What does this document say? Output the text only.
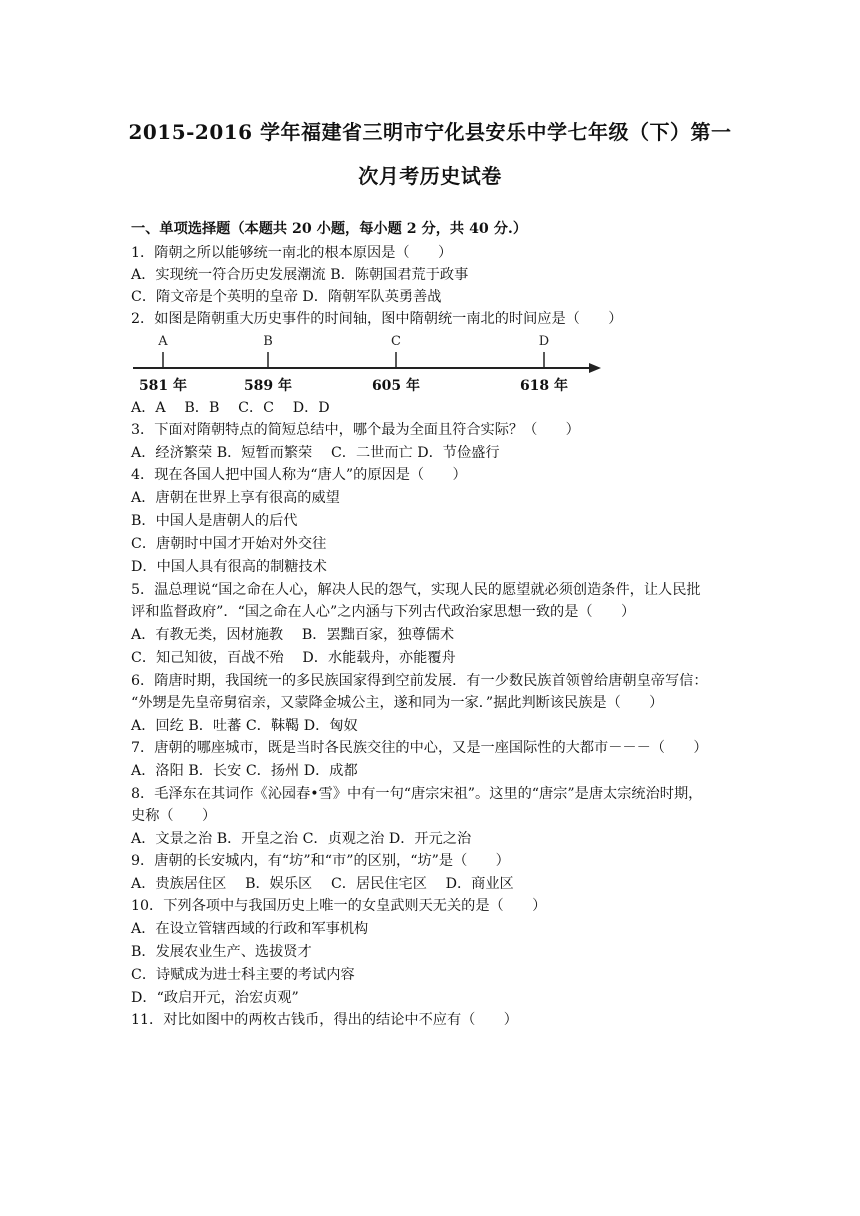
2015-2016 学年福建省三明市宁化县安乐中学七年级（下）第一
次月考历史试卷
一、单项选择题（本题共 20 小题，每小题 2 分，共 40 分.）
1．隋朝之所以能够统一南北的根本原因是（　　）
A．实现统一符合历史发展潮流 B．陈朝国君荒于政事
C．隋文帝是个英明的皇帝 D．隋朝军队英勇善战
2．如图是隋朝重大历史事件的时间轴，图中隋朝统一南北的时间应是（　　）
A
581 年
B
589 年
C
605 年
D
618 年
A．A　 B．B　 C．C　 D．D
3．下面对隋朝特点的简短总结中，哪个最为全面且符合实际？（　　）
A．经济繁荣 B．短暂而繁荣　 C．二世而亡 D．节俭盛行
4．现在各国人把中国人称为“唐人”的原因是（　　）
A．唐朝在世界上享有很高的威望
B．中国人是唐朝人的后代
C．唐朝时中国才开始对外交往
D．中国人具有很高的制糖技术
5．温总理说“国之命在人心，解决人民的怨气，实现人民的愿望就必须创造条件，让人民批
评和监督政府”．“国之命在人心”之内涵与下列古代政治家思想一致的是（　　）
A．有教无类，因材施教　 B．罢黜百家，独尊儒术
C．知己知彼，百战不殆　 D．水能载舟，亦能覆舟
6．隋唐时期，我国统一的多民族国家得到空前发展．有一少数民族首领曾给唐朝皇帝写信：
“外甥是先皇帝舅宿亲，又蒙降金城公主，遂和同为一家．”据此判断该民族是（　　）
A．回纥 B．吐蕃 C．靺鞨 D．匈奴
7．唐朝的哪座城市，既是当时各民族交往的中心，又是一座国际性的大都市－－－（　　）
A．洛阳 B．长安 C．扬州 D．成都
8．毛泽东在其词作《沁园春•雪》中有一句“唐宗宋祖”。这里的“唐宗”是唐太宗统治时期，
史称（　　）
A．文景之治 B．开皇之治 C．贞观之治 D．开元之治
9．唐朝的长安城内，有“坊”和“市”的区别，“坊”是（　　）
A．贵族居住区　 B．娱乐区　 C．居民住宅区　 D．商业区
10．下列各项中与我国历史上唯一的女皇武则天无关的是（　　）
A．在设立管辖西域的行政和军事机构
B．发展农业生产、选拔贤才
C．诗赋成为进士科主要的考试内容
D．“政启开元，治宏贞观”
11．对比如图中的两枚古钱币，得出的结论中不应有（　　）
